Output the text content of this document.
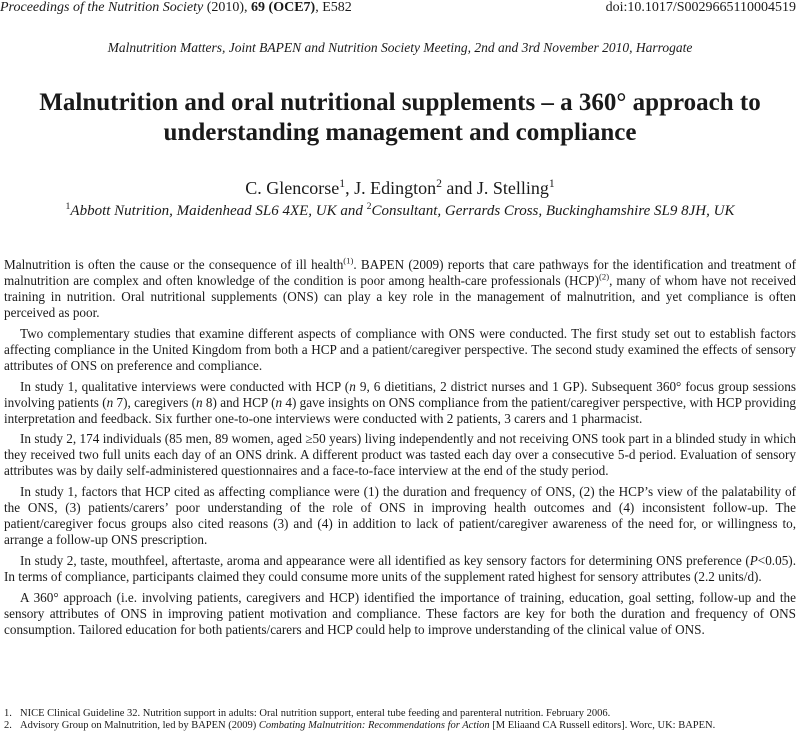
Proceedings of the Nutrition Society (2010), 69 (OCE7), E582	doi:10.1017/S0029665110004519
Malnutrition Matters, Joint BAPEN and Nutrition Society Meeting, 2nd and 3rd November 2010, Harrogate
Malnutrition and oral nutritional supplements – a 360° approach to
understanding management and compliance
C. Glencorse$^1$, J. Edington$^2$ and J. Stelling$^1$
$^1$Abbott Nutrition, Maidenhead SL6 4XE, UK and $^2$Consultant, Gerrards Cross, Buckinghamshire SL9 8JH, UK

Malnutrition is often the cause or the consequence of ill health$^{(1)}$. BAPEN (2009) reports that care pathways for the identification and treatment of malnutrition are complex and often knowledge of the condition is poor among health-care professionals (HCP)$^{(2)}$, many of whom have not received training in nutrition. Oral nutritional supplements (ONS) can play a key role in the management of malnutrition, and yet compliance is often perceived as poor.

Two complementary studies that examine different aspects of compliance with ONS were conducted. The first study set out to establish factors affecting compliance in the United Kingdom from both a HCP and a patient/caregiver perspective. The second study examined the effects of sensory attributes of ONS on preference and compliance.

In study 1, qualitative interviews were conducted with HCP (n 9, 6 dietitians, 2 district nurses and 1 GP). Subsequent 360° focus group sessions involving patients (n 7), caregivers (n 8) and HCP (n 4) gave insights on ONS compliance from the patient/caregiver perspective, with HCP providing interpretation and feedback. Six further one-to-one interviews were conducted with 2 patients, 3 carers and 1 pharmacist.

In study 2, 174 individuals (85 men, 89 women, aged ≥50 years) living independently and not receiving ONS took part in a blinded study in which they received two full units each day of an ONS drink. A different product was tasted each day over a consecutive 5-d period. Evaluation of sensory attributes was by daily self-administered questionnaires and a face-to-face interview at the end of the study period.

In study 1, factors that HCP cited as affecting compliance were (1) the duration and frequency of ONS, (2) the HCP’s view of the palatability of the ONS, (3) patients/carers’ poor understanding of the role of ONS in improving health outcomes and (4) inconsistent follow-up. The patient/caregiver focus groups also cited reasons (3) and (4) in addition to lack of patient/caregiver awareness of the need for, or willingness to, arrange a follow-up ONS prescription.

In study 2, taste, mouthfeel, aftertaste, aroma and appearance were all identified as key sensory factors for determining ONS preference (P<0.05). In terms of compliance, participants claimed they could consume more units of the supplement rated highest for sensory attributes (2.2 units/d).

A 360° approach (i.e. involving patients, caregivers and HCP) identified the importance of training, education, goal setting, follow-up and the sensory attributes of ONS in improving patient motivation and compliance. These factors are key for both the duration and frequency of ONS consumption. Tailored education for both patients/carers and HCP could help to improve understanding of the clinical value of ONS.

1. NICE Clinical Guideline 32. Nutrition support in adults: Oral nutrition support, enteral tube feeding and parenteral nutrition. February 2006.

2. Advisory Group on Malnutrition, led by BAPEN (2009) Combating Malnutrition: Recommendations for Action [M Eliaand CA Russell editors]. Worc, UK: BAPEN.
